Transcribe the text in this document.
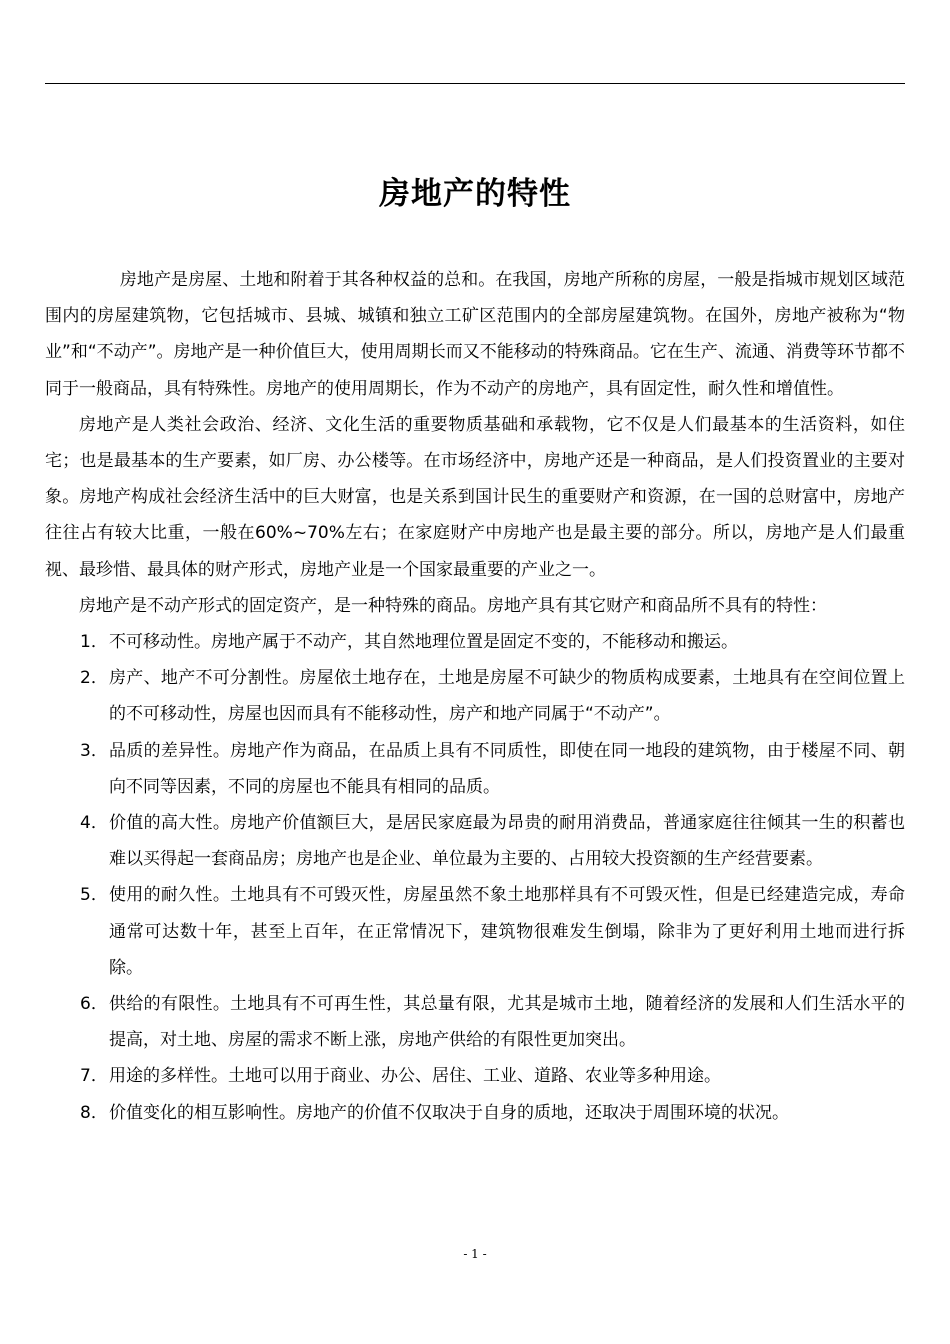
房地产的特性

房地产是房屋、土地和附着于其各种权益的总和。在我国，房地产所称的房屋，一般是指城市规划区域范围内的房屋建筑物，它包括城市、县城、城镇和独立工矿区范围内的全部房屋建筑物。在国外，房地产被称为“物业”和“不动产”。房地产是一种价值巨大，使用周期长而又不能移动的特殊商品。它在生产、流通、消费等环节都不同于一般商品，具有特殊性。房地产的使用周期长，作为不动产的房地产，具有固定性，耐久性和增值性。

房地产是人类社会政治、经济、文化生活的重要物质基础和承载物，它不仅是人们最基本的生活资料，如住宅；也是最基本的生产要素，如厂房、办公楼等。在市场经济中，房地产还是一种商品，是人们投资置业的主要对象。房地产构成社会经济生活中的巨大财富，也是关系到国计民生的重要财产和资源，在一国的总财富中，房地产往往占有较大比重，一般在60%~70%左右；在家庭财产中房地产也是最主要的部分。所以，房地产是人们最重视、最珍惜、最具体的财产形式，房地产业是一个国家最重要的产业之一。

房地产是不动产形式的固定资产，是一种特殊的商品。房地产具有其它财产和商品所不具有的特性：

1． 不可移动性。房地产属于不动产，其自然地理位置是固定不变的，不能移动和搬运。
2． 房产、地产不可分割性。房屋依土地存在，土地是房屋不可缺少的物质构成要素，土地具有在空间位置上的不可移动性，房屋也因而具有不能移动性，房产和地产同属于“不动产”。
3． 品质的差异性。房地产作为商品，在品质上具有不同质性，即使在同一地段的建筑物，由于楼屋不同、朝向不同等因素，不同的房屋也不能具有相同的品质。
4． 价值的高大性。房地产价值额巨大，是居民家庭最为昂贵的耐用消费品，普通家庭往往倾其一生的积蓄也难以买得起一套商品房；房地产也是企业、单位最为主要的、占用较大投资额的生产经营要素。
5． 使用的耐久性。土地具有不可毁灭性，房屋虽然不象土地那样具有不可毁灭性，但是已经建造完成，寿命通常可达数十年，甚至上百年，在正常情况下，建筑物很难发生倒塌，除非为了更好利用土地而进行拆除。
6． 供给的有限性。土地具有不可再生性，其总量有限，尤其是城市土地，随着经济的发展和人们生活水平的提高，对土地、房屋的需求不断上涨，房地产供给的有限性更加突出。
7． 用途的多样性。土地可以用于商业、办公、居住、工业、道路、农业等多种用途。
8． 价值变化的相互影响性。房地产的价值不仅取决于自身的质地，还取决于周围环境的状况。
- 1 -
